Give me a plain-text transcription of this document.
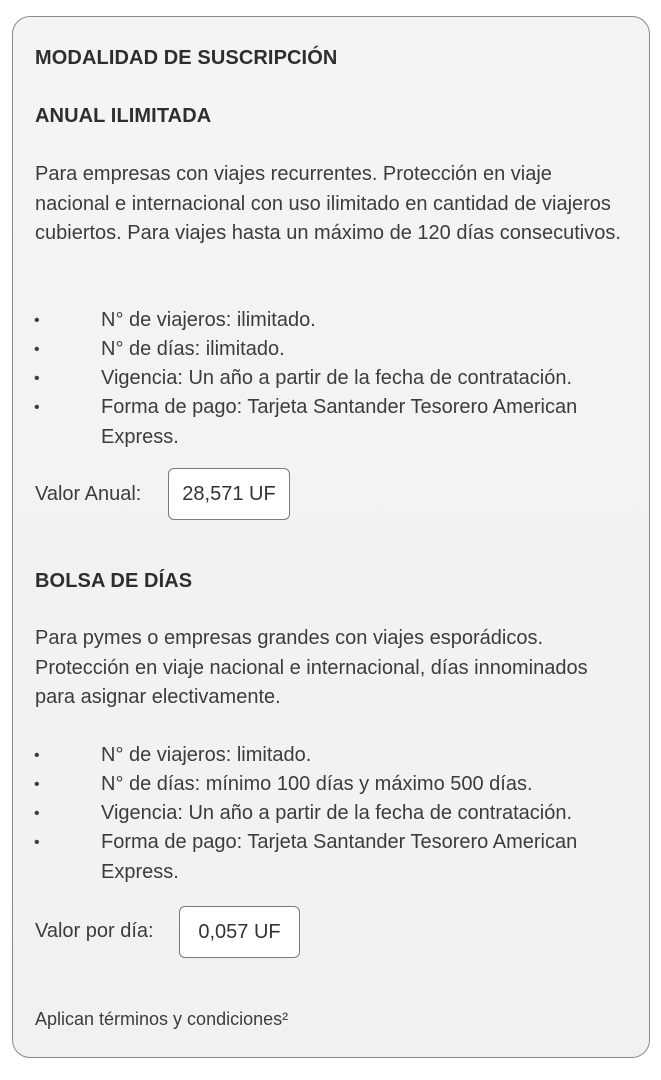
MODALIDAD DE SUSCRIPCIÓN
ANUAL ILIMITADA
Para empresas con viajes recurrentes. Protección en viaje nacional e internacional con uso ilimitado en cantidad de viajeros cubiertos. Para viajes hasta un máximo de 120 días consecutivos.
•	N° de viajeros: ilimitado.
•	N° de días: ilimitado.
•	Vigencia: Un año a partir de la fecha de contratación.
•	Forma de pago: Tarjeta Santander Tesorero American Express.
Valor Anual:	28,571 UF
BOLSA DE DÍAS
Para pymes o empresas grandes con viajes esporádicos. Protección en viaje nacional e internacional, días innominados para asignar electivamente.
•	N° de viajeros: limitado.
•	N° de días: mínimo 100 días y máximo 500 días.
•	Vigencia: Un año a partir de la fecha de contratación.
•	Forma de pago: Tarjeta Santander Tesorero American Express.
Valor por día:	0,057 UF
Aplican términos y condiciones²
